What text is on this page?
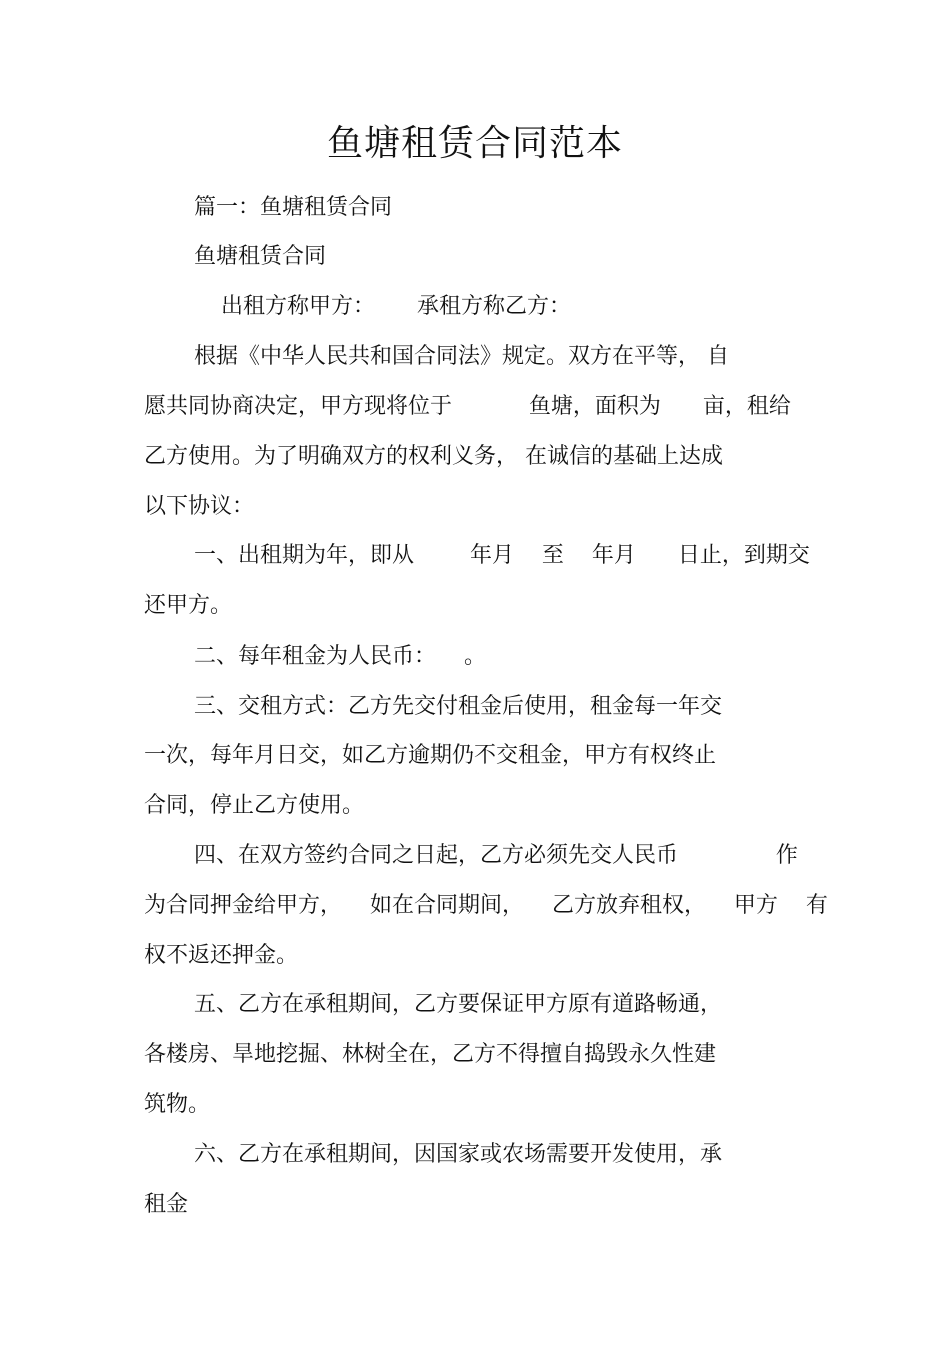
鱼塘租赁合同范本

篇一：鱼塘租赁合同

鱼塘租赁合同

出租方称甲方：      承租方称乙方：

根据《中华人民共和国合同法》规定。双方在平等， 自

愿共同协商决定，甲方现将位于           鱼塘，面积为      亩，租给

乙方使用。为了明确双方的权利义务， 在诚信的基础上达成

以下协议：

一、出租期为年，即从        年月    至    年月      日止，到期交

还甲方。

二、每年租金为人民币：    。

三、交租方式：乙方先交付租金后使用，租金每一年交

一次，每年月日交，如乙方逾期仍不交租金，甲方有权终止

合同，停止乙方使用。

四、在双方签约合同之日起，乙方必须先交人民币              作

为合同押金给甲方，    如在合同期间，    乙方放弃租权，    甲方    有

权不返还押金。

五、乙方在承租期间，乙方要保证甲方原有道路畅通，

各楼房、旱地挖掘、林树全在，乙方不得擅自捣毁永久性建

筑物。

六、乙方在承租期间，因国家或农场需要开发使用，承

租金
